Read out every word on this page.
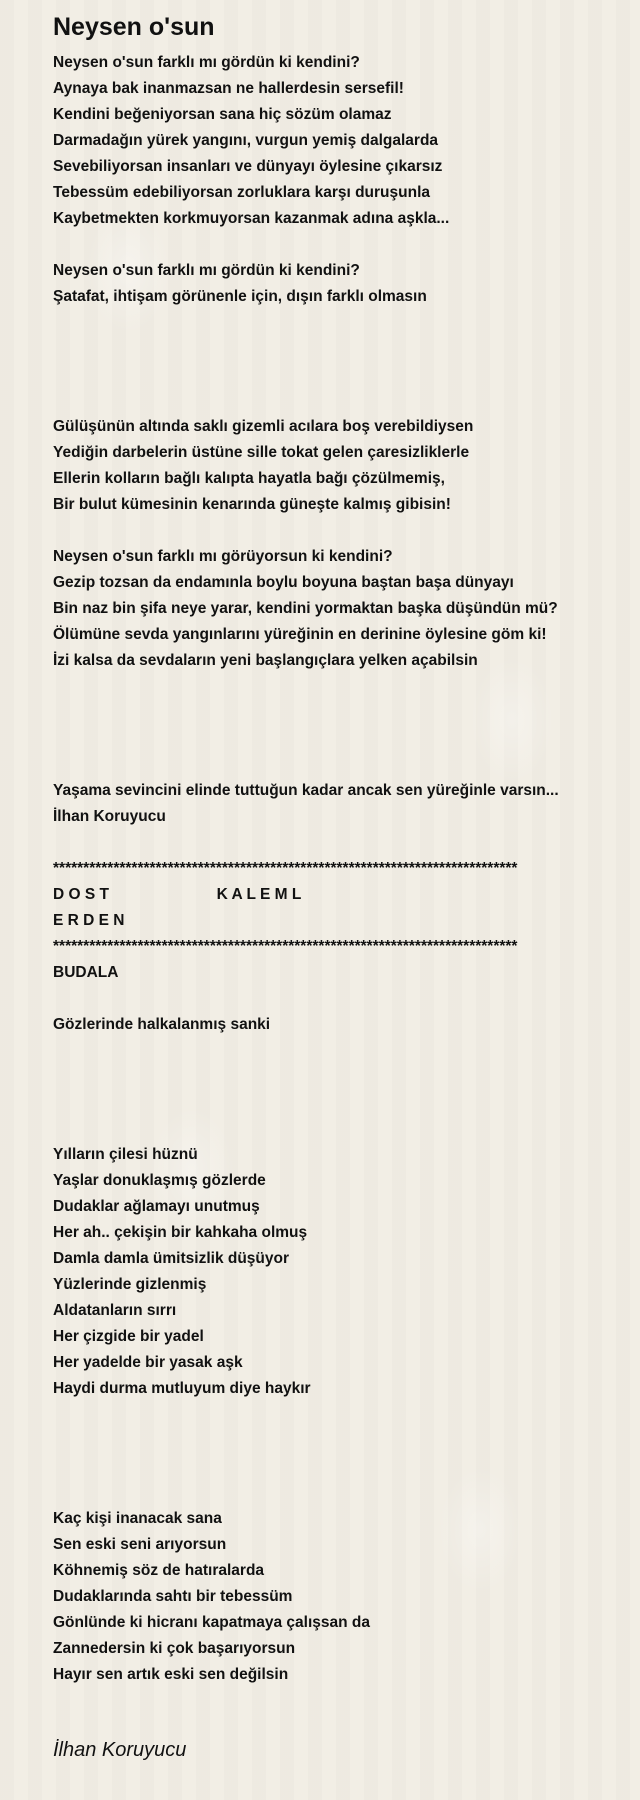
Neysen o'sun
Neysen o'sun farklı mı gördün ki kendini?
Aynaya bak inanmazsan ne hallerdesin sersefil!
Kendini beğeniyorsan sana hiç sözüm olamaz
Darmadağın yürek yangını, vurgun yemiş dalgalarda
Sevebiliyorsan insanları ve dünyayı öylesine çıkarsız
Tebessüm edebiliyorsan zorluklara karşı duruşunla
Kaybetmekten korkmuyorsan kazanmak adına aşkla...
Neysen o'sun farklı mı gördün ki kendini?
Şatafat, ihtişam görünenle için, dışın farklı olmasın
Gülüşünün altında saklı gizemli acılara boş verebildiysen
Yediğin darbelerin üstüne sille tokat gelen çaresizliklerle
Ellerin kolların bağlı kalıpta hayatla bağı çözülmemiş,
Bir bulut kümesinin kenarında güneşte kalmış gibisin!
Neysen o'sun farklı mı görüyorsun ki kendini?
Gezip tozsan da endamınla boylu boyuna baştan başa dünyayı
Bin naz bin şifa neye yarar, kendini yormaktan başka düşündün mü?
Ölümüne sevda yangınlarını yüreğinin en derinine öylesine göm ki!
İzi kalsa da sevdaların yeni başlangıçlara yelken açabilsin
Yaşama sevincini elinde tuttuğun kadar ancak sen yüreğinle varsın...
İlhan Koruyucu
*****************************************************************************
D O S T                         K A L E M L
E R D E N
*****************************************************************************
BUDALA
Gözlerinde halkalanmış sanki
Yılların çilesi hüznü
Yaşlar donuklaşmış gözlerde
Dudaklar ağlamayı unutmuş
Her ah.. çekişin bir kahkaha olmuş
Damla damla ümitsizlik düşüyor
Yüzlerinde gizlenmiş
Aldatanların sırrı
Her çizgide bir yadel
Her yadelde bir yasak aşk
Haydi durma mutluyum diye haykır
Kaç kişi inanacak sana
Sen eski seni arıyorsun
Köhnemiş söz de hatıralarda
Dudaklarında sahtı bir tebessüm
Gönlünde ki hicranı kapatmaya çalışsan da
Zannedersin ki çok başarıyorsun
Hayır sen artık eski sen değilsin
İlhan Koruyucu
